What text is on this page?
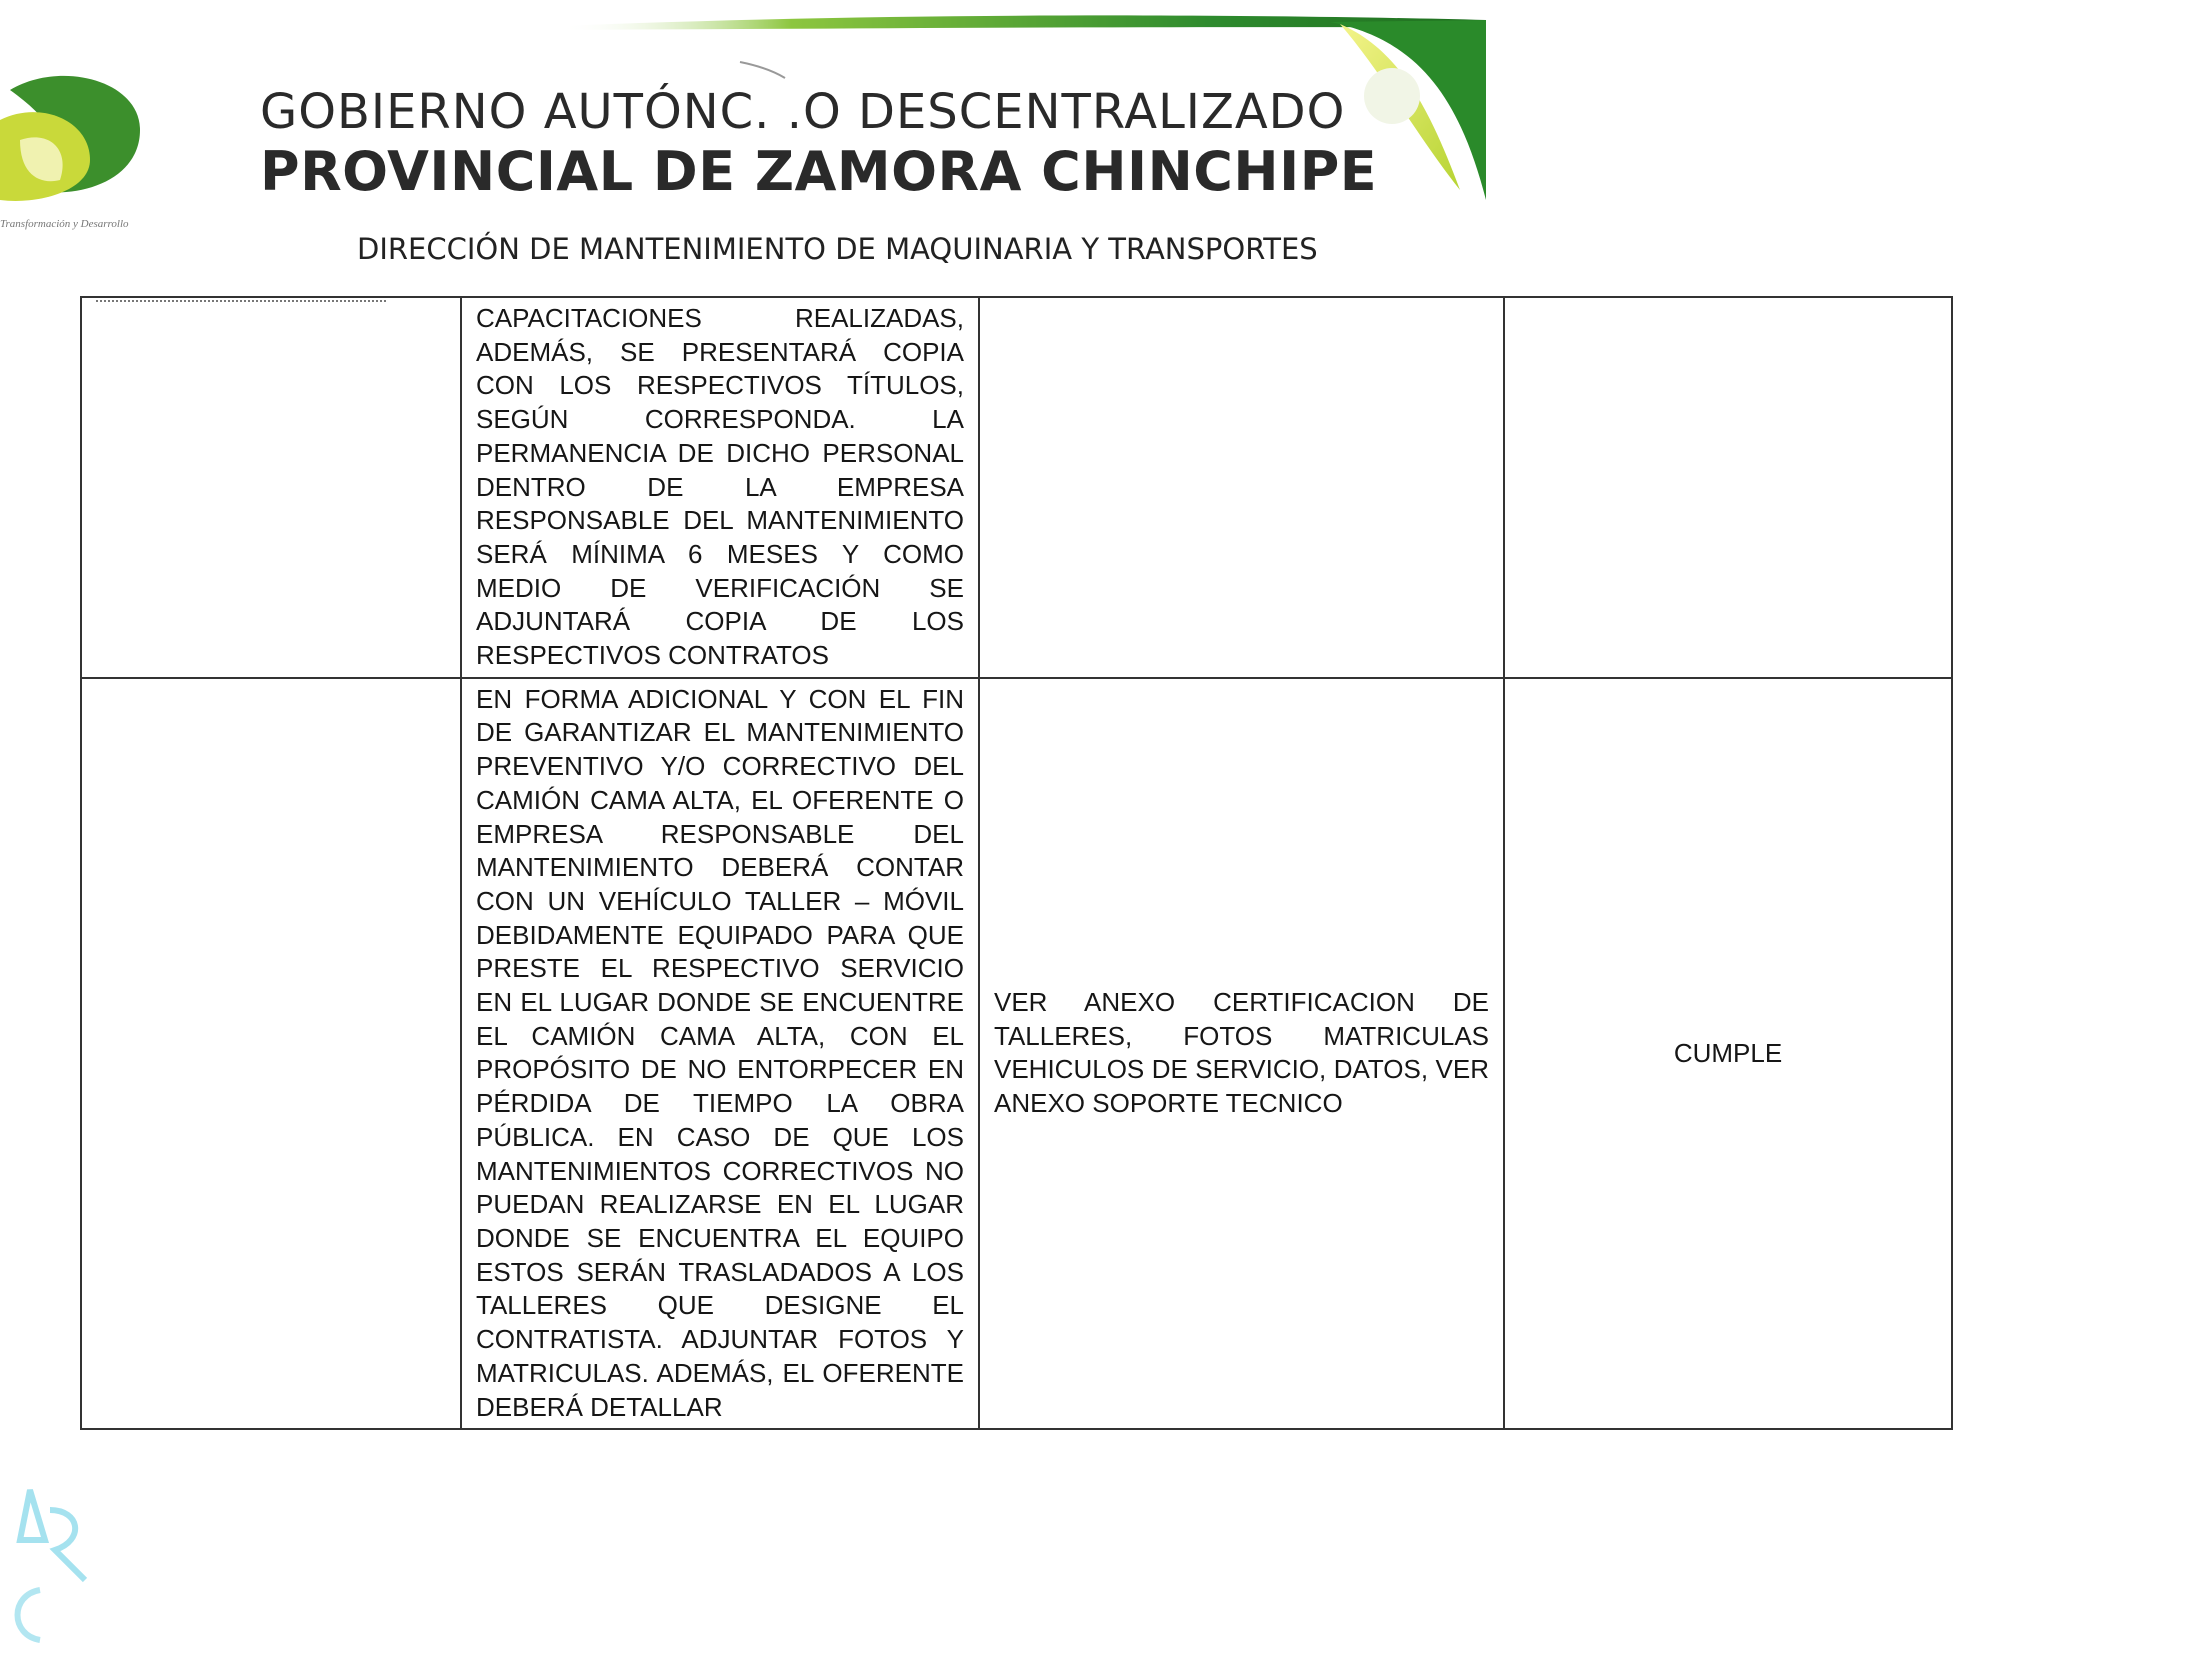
Transformación y Desarrollo
GOBIERNO AUTÓNC. .O DESCENTRALIZADO
PROVINCIAL DE ZAMORA CHINCHIPE
DIRECCIÓN DE MANTENIMIENTO DE MAQUINARIA Y TRANSPORTES
	CAPACITACIONES REALIZADAS, ADEMÁS, SE PRESENTARÁ COPIA CON LOS RESPECTIVOS TÍTULOS, SEGÚN CORRESPONDA. LA PERMANENCIA DE DICHO PERSONAL DENTRO DE LA EMPRESA RESPONSABLE DEL MANTENIMIENTO SERÁ MÍNIMA 6 MESES Y COMO MEDIO DE VERIFICACIÓN SE ADJUNTARÁ COPIA DE LOS RESPECTIVOS CONTRATOS		
	EN FORMA ADICIONAL Y CON EL FIN DE GARANTIZAR EL MANTENIMIENTO PREVENTIVO Y/O CORRECTIVO DEL CAMIÓN CAMA ALTA, EL OFERENTE O EMPRESA RESPONSABLE DEL MANTENIMIENTO DEBERÁ CONTAR CON UN VEHÍCULO TALLER – MÓVIL DEBIDAMENTE EQUIPADO PARA QUE PRESTE EL RESPECTIVO SERVICIO EN EL LUGAR DONDE SE ENCUENTRE EL CAMIÓN CAMA ALTA, CON EL PROPÓSITO DE NO ENTORPECER EN PÉRDIDA DE TIEMPO LA OBRA PÚBLICA. EN CASO DE QUE LOS MANTENIMIENTOS CORRECTIVOS NO PUEDAN REALIZARSE EN EL LUGAR DONDE SE ENCUENTRA EL EQUIPO ESTOS SERÁN TRASLADADOS A LOS TALLERES QUE DESIGNE EL CONTRATISTA. ADJUNTAR FOTOS Y MATRICULAS. ADEMÁS, EL OFERENTE DEBERÁ DETALLAR	VER ANEXO CERTIFICACION DE TALLERES, FOTOS MATRICULAS VEHICULOS DE SERVICIO, DATOS, VER ANEXO SOPORTE TECNICO	CUMPLE
